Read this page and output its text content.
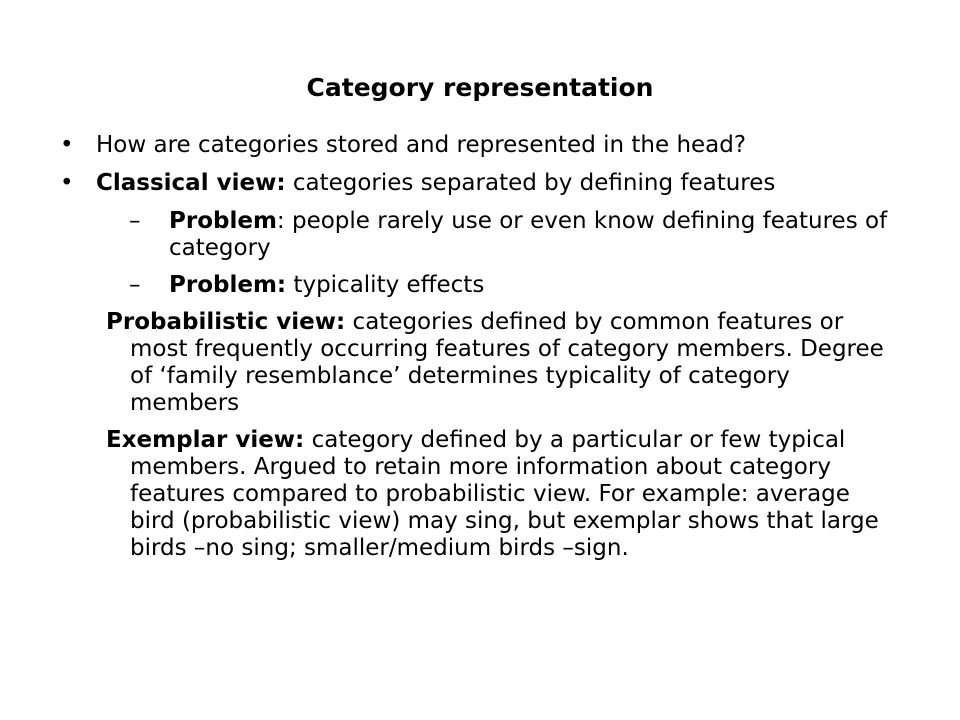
Category representation

• How are categories stored and represented in the head?

• Classical view: categories separated by defining features

– Problem: people rarely use or even know defining features of category

– Problem: typicality effects

Probabilistic view: categories defined by common features or most frequently occurring features of category members. Degree of ‘family resemblance’ determines typicality of category members

Exemplar view: category defined by a particular or few typical members. Argued to retain more information about category features compared to probabilistic view. For example: average bird (probabilistic view) may sing, but exemplar shows that large birds –no sing; smaller/medium birds –sign.
